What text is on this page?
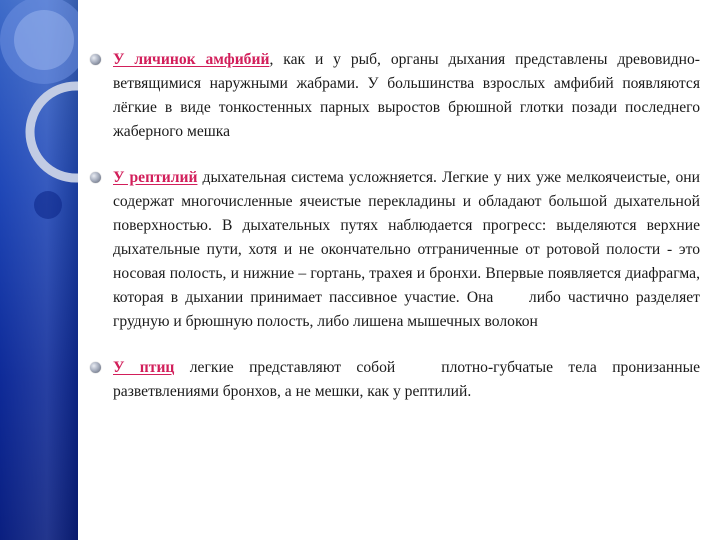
У личинок амфибий, как и у рыб, органы дыхания представлены древовидно-ветвящимися наружными жабрами. У большинства взрослых амфибий появляются лёгкие в виде тонкостенных парных выростов брюшной глотки позади последнего жаберного мешка
У рептилий дыхательная система усложняется. Легкие у них уже мелкоячеистые, они содержат многочисленные ячеистые перекладины и обладают большой дыхательной поверхностью. В дыхательных путях наблюдается прогресс: выделяются верхние дыхательные пути, хотя и не окончательно отграниченные от ротовой полости - это носовая полость, и нижние – гортань, трахея и бронхи. Впервые появляется диафрагма, которая в дыхании принимает пассивное участие. Она     либо частично разделяет грудную и брюшную полость, либо лишена мышечных волокон
У птиц легкие представляют собой   плотно-губчатые тела пронизанные разветвлениями бронхов, а не мешки, как у рептилий.
